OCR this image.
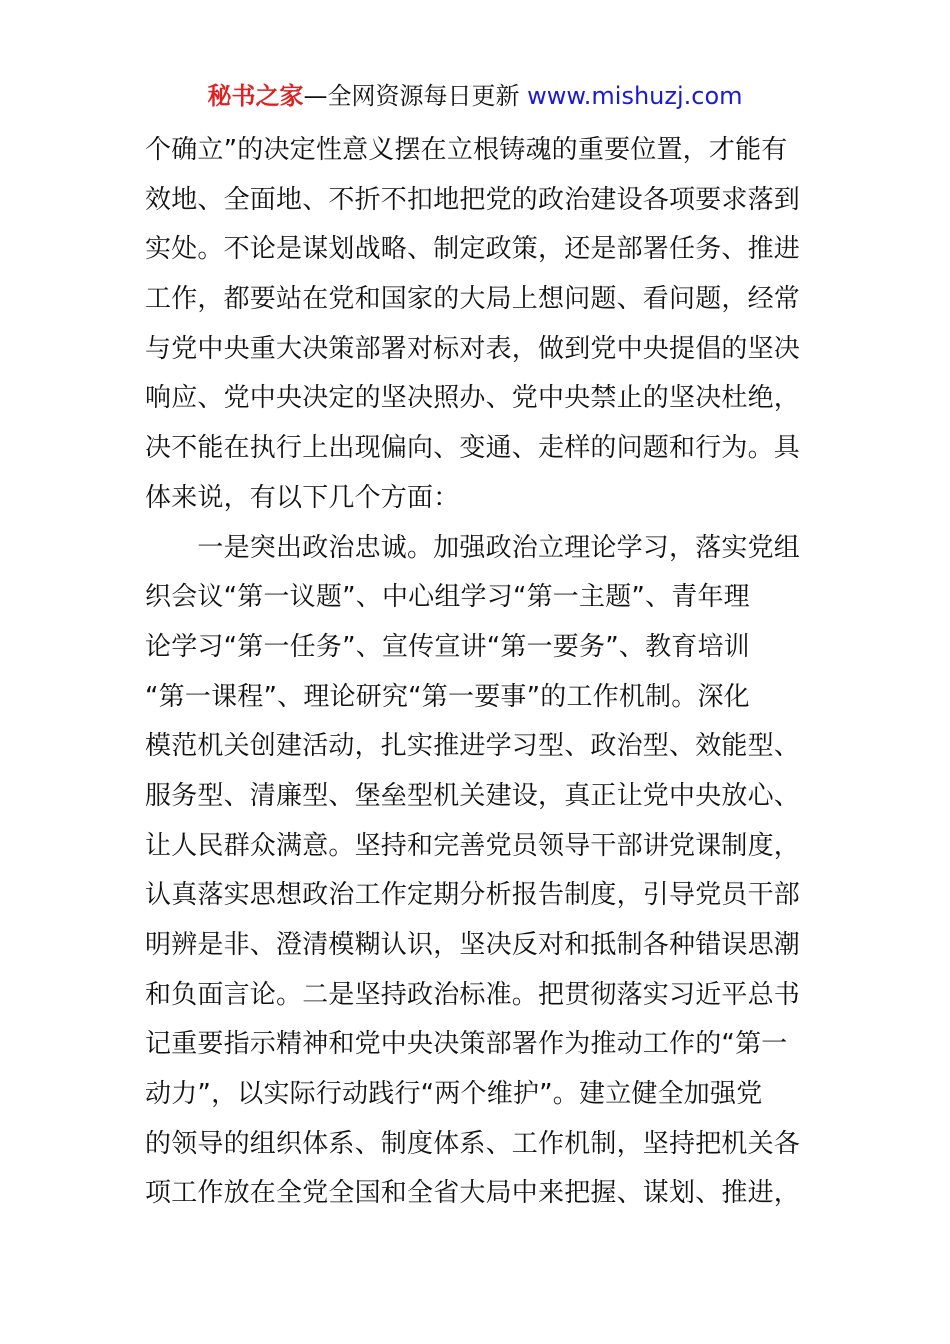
秘书之家—全网资源每日更新 www.mishuzj.com
个确立”的决定性意义摆在立根铸魂的重要位置，才能有
效地、全面地、不折不扣地把党的政治建设各项要求落到
实处。不论是谋划战略、制定政策，还是部署任务、推进
工作，都要站在党和国家的大局上想问题、看问题，经常
与党中央重大决策部署对标对表，做到党中央提倡的坚决
响应、党中央决定的坚决照办、党中央禁止的坚决杜绝，
决不能在执行上出现偏向、变通、走样的问题和行为。具
体来说，有以下几个方面：
　　一是突出政治忠诚。加强政治立理论学习，落实党组
织会议“第一议题”、中心组学习“第一主题”、青年理
论学习“第一任务”、宣传宣讲“第一要务”、教育培训
“第一课程”、理论研究“第一要事”的工作机制。深化
模范机关创建活动，扎实推进学习型、政治型、效能型、
服务型、清廉型、堡垒型机关建设，真正让党中央放心、
让人民群众满意。坚持和完善党员领导干部讲党课制度，
认真落实思想政治工作定期分析报告制度，引导党员干部
明辨是非、澄清模糊认识，坚决反对和抵制各种错误思潮
和负面言论。二是坚持政治标准。把贯彻落实习近平总书
记重要指示精神和党中央决策部署作为推动工作的“第一
动力”，以实际行动践行“两个维护”。建立健全加强党
的领导的组织体系、制度体系、工作机制，坚持把机关各
项工作放在全党全国和全省大局中来把握、谋划、推进，
